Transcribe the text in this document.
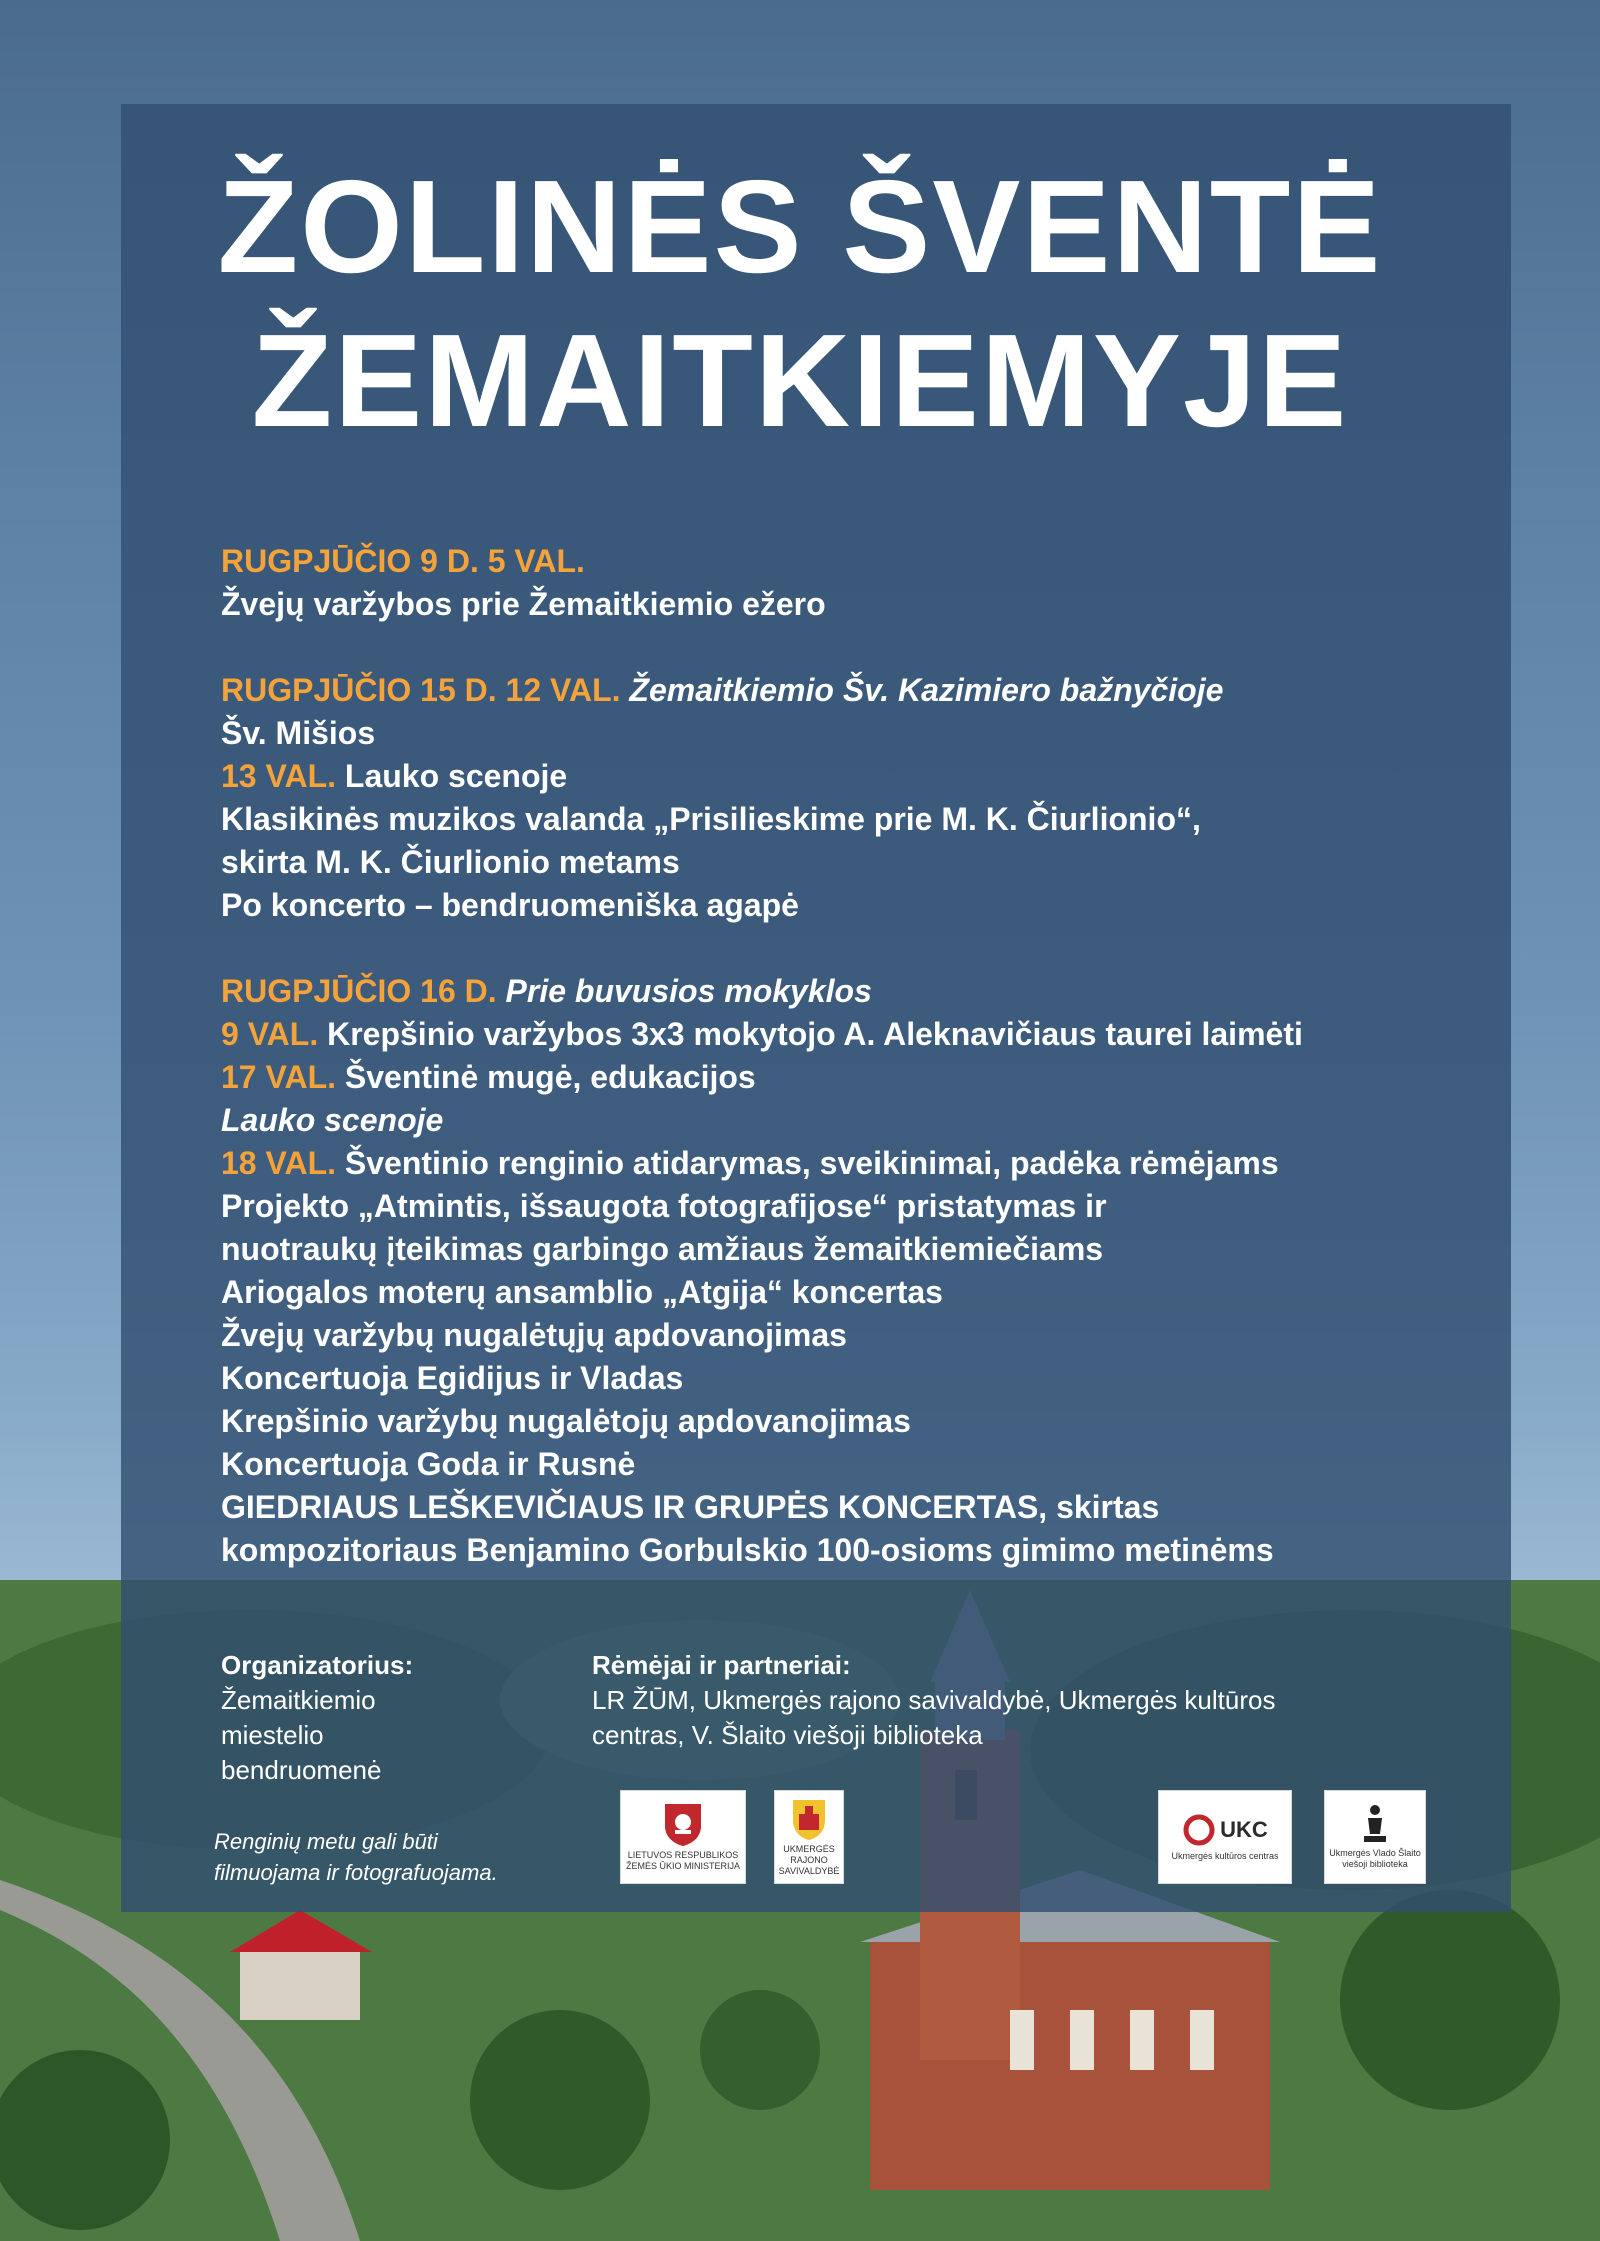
ŽOLINĖS ŠVENTĖ
ŽEMAITKIEMYJE
RUGPJŪČIO 9 D. 5 VAL.
Žvejų varžybos prie Žemaitkiemio ežero
RUGPJŪČIO 15 D. 12 VAL. Žemaitkiemio Šv. Kazimiero bažnyčioje
Šv. Mišios
13 VAL. Lauko scenoje
Klasikinės muzikos valanda „Prisilieskime prie M. K. Čiurlionio“,
skirta M. K. Čiurlionio metams
Po koncerto – bendruomeniška agapė
RUGPJŪČIO 16 D. Prie buvusios mokyklos
9 VAL. Krepšinio varžybos 3x3 mokytojo A. Aleknavičiaus taurei laimėti
17 VAL. Šventinė mugė, edukacijos
Lauko scenoje
18 VAL. Šventinio renginio atidarymas, sveikinimai, padėka rėmėjams
Projekto „Atmintis, išsaugota fotografijose“ pristatymas ir
nuotraukų įteikimas garbingo amžiaus žemaitkiemiečiams
Ariogalos moterų ansamblio „Atgija“ koncertas
Žvejų varžybų nugalėtųjų apdovanojimas
Koncertuoja Egidijus ir Vladas
Krepšinio varžybų nugalėtojų apdovanojimas
Koncertuoja Goda ir Rusnė
GIEDRIAUS LEŠKEVIČIAUS IR GRUPĖS KONCERTAS, skirtas
kompozitoriaus Benjamino Gorbulskio 100-osioms gimimo metinėms
Organizatorius:
Žemaitkiemio
miestelio
bendruomenė
Rėmėjai ir partneriai:
LR ŽŪM, Ukmergės rajono savivaldybė, Ukmergės kultūros
centras, V. Šlaito viešoji biblioteka
Renginių metu gali būti
filmuojama ir fotografuojama.
LIETUVOS RESPUBLIKOS ŽEMĖS ŪKIO MINISTERIJA
UKMERGĖS RAJONO SAVIVALDYBĖ
UKC
Ukmergės kultūros centras	Ukmergės Vlado Šlaito viešoji biblioteka
